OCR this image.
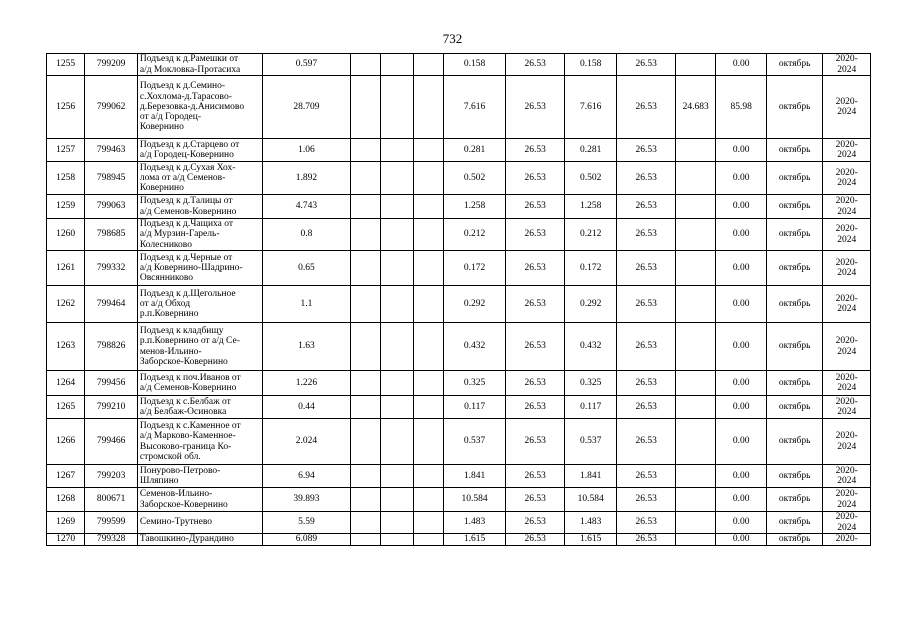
732
1255	799209	Подъезд к д.Рамешки от
а/д Мокловка-Протасиха	0.597				0.158	26.53	0.158	26.53		0.00	октябрь	2020-
2024
1256	799062	Подъезд к д.Семино-
с.Хохлома-д.Тарасово-
д.Березовка-д.Анисимово
от а/д Городец-
Ковернино	28.709				7.616	26.53	7.616	26.53	24.683	85.98	октябрь	2020-
2024
1257	799463	Подъезд к д.Старцево от
а/д Городец-Ковернино	1.06				0.281	26.53	0.281	26.53		0.00	октябрь	2020-
2024
1258	798945	Подъезд к д.Сухая Хох-
лома от а/д Семенов-
Ковернино	1.892				0.502	26.53	0.502	26.53		0.00	октябрь	2020-
2024
1259	799063	Подъезд к д.Талицы от
а/д Семенов-Ковернино	4.743				1.258	26.53	1.258	26.53		0.00	октябрь	2020-
2024
1260	798685	Подъезд к д.Чащиха от
а/д Мурзин-Гарель-
Колесниково	0.8				0.212	26.53	0.212	26.53		0.00	октябрь	2020-
2024
1261	799332	Подъезд к д.Черные от
а/д Ковернино-Шадрино-
Овсянниково	0.65				0.172	26.53	0.172	26.53		0.00	октябрь	2020-
2024
1262	799464	Подъезд к д.Щегольное
от а/д Обход
р.п.Ковернино	1.1				0.292	26.53	0.292	26.53		0.00	октябрь	2020-
2024
1263	798826	Подъезд к кладбищу
р.п.Ковернино от а/д Се-
менов-Ильино-
Заборское-Ковернино	1.63				0.432	26.53	0.432	26.53		0.00	октябрь	2020-
2024
1264	799456	Подъезд к поч.Иванов от
а/д Семенов-Ковернино	1.226				0.325	26.53	0.325	26.53		0.00	октябрь	2020-
2024
1265	799210	Подъезд к с.Белбаж от
а/д Белбаж-Осиновка	0.44				0.117	26.53	0.117	26.53		0.00	октябрь	2020-
2024
1266	799466	Подъезд к с.Каменное от
а/д Марково-Каменное-
Высоково-граница Ко-
стромской обл.	2.024				0.537	26.53	0.537	26.53		0.00	октябрь	2020-
2024
1267	799203	Понурово-Петрово-
Шляпино	6.94				1.841	26.53	1.841	26.53		0.00	октябрь	2020-
2024
1268	800671	Семенов-Ильино-
Заборское-Ковернино	39.893				10.584	26.53	10.584	26.53		0.00	октябрь	2020-
2024
1269	799599	Семино-Трутнево	5.59				1.483	26.53	1.483	26.53		0.00	октябрь	2020-
2024
1270	799328	Тавошкино-Дурандино	6.089				1.615	26.53	1.615	26.53		0.00	октябрь	2020-
